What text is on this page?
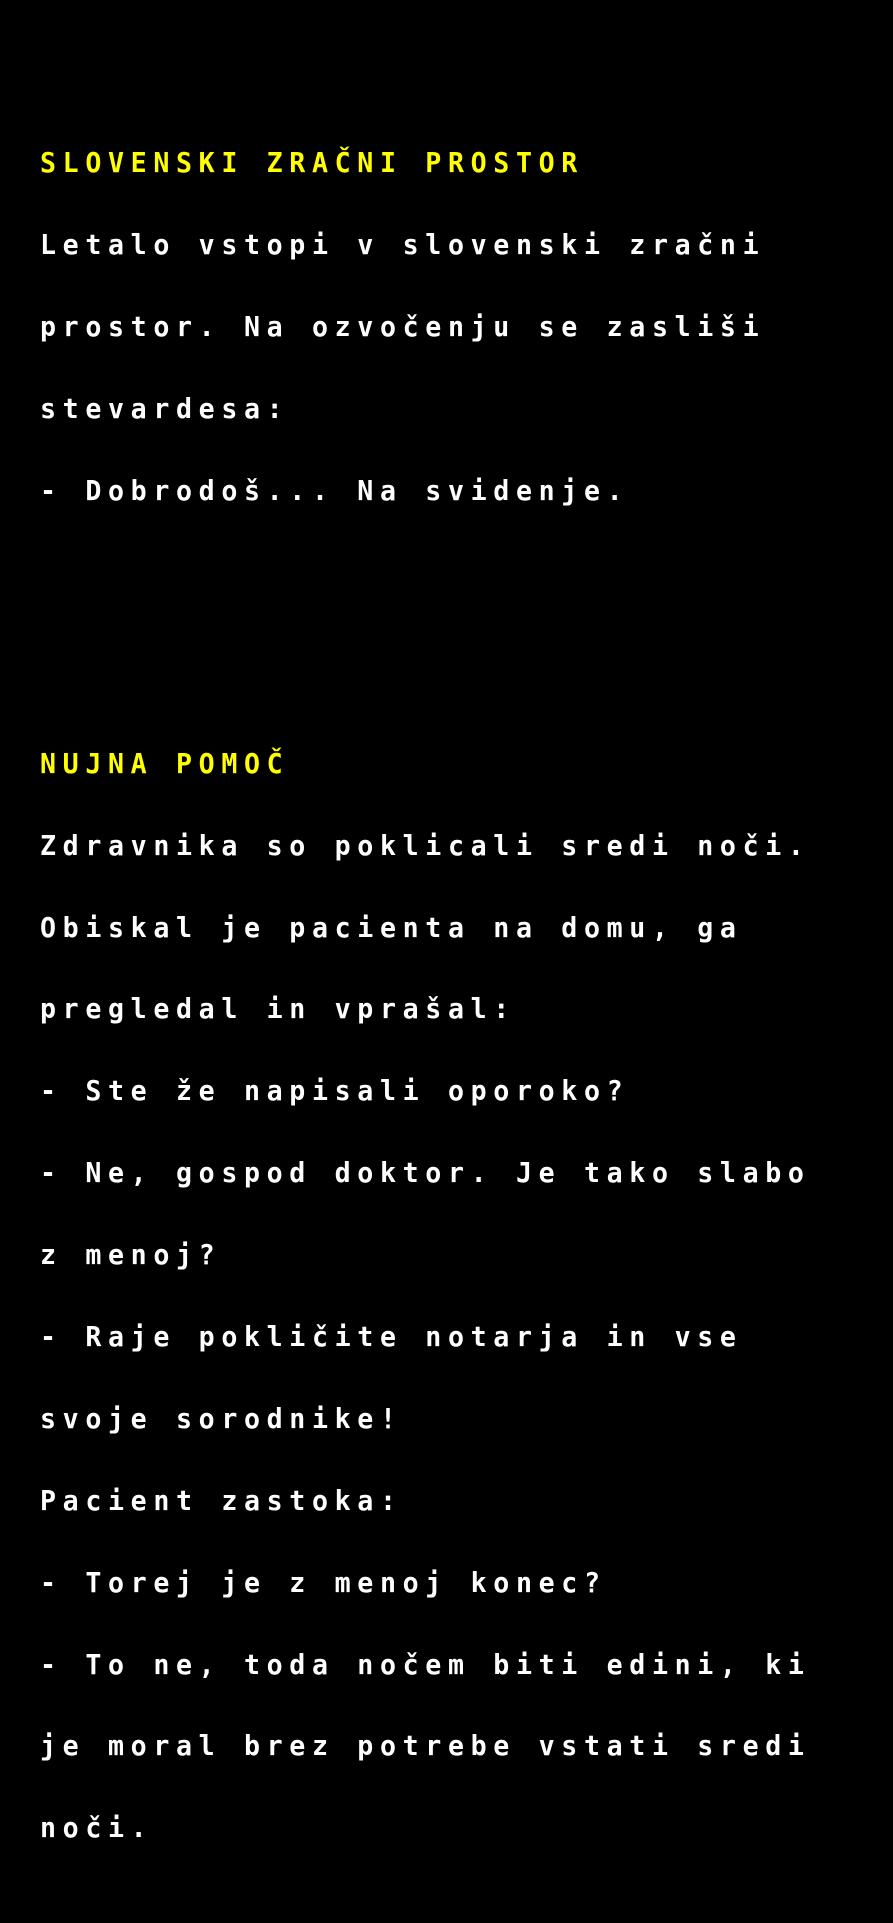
SLOVENSKI ZRAČNI PROSTOR

Letalo vstopi v slovenski zračni

prostor. Na ozvočenju se zasliši

stevardesa:

- Dobrodoš... Na svidenje.

NUJNA POMOČ

Zdravnika so poklicali sredi noči.

Obiskal je pacienta na domu, ga

pregledal in vprašal:

- Ste že napisali oporoko?

- Ne, gospod doktor. Je tako slabo

z menoj?

- Raje pokličite notarja in vse

svoje sorodnike!

Pacient zastoka:

- Torej je z menoj konec?

- To ne, toda nočem biti edini, ki

je moral brez potrebe vstati sredi

noči.
